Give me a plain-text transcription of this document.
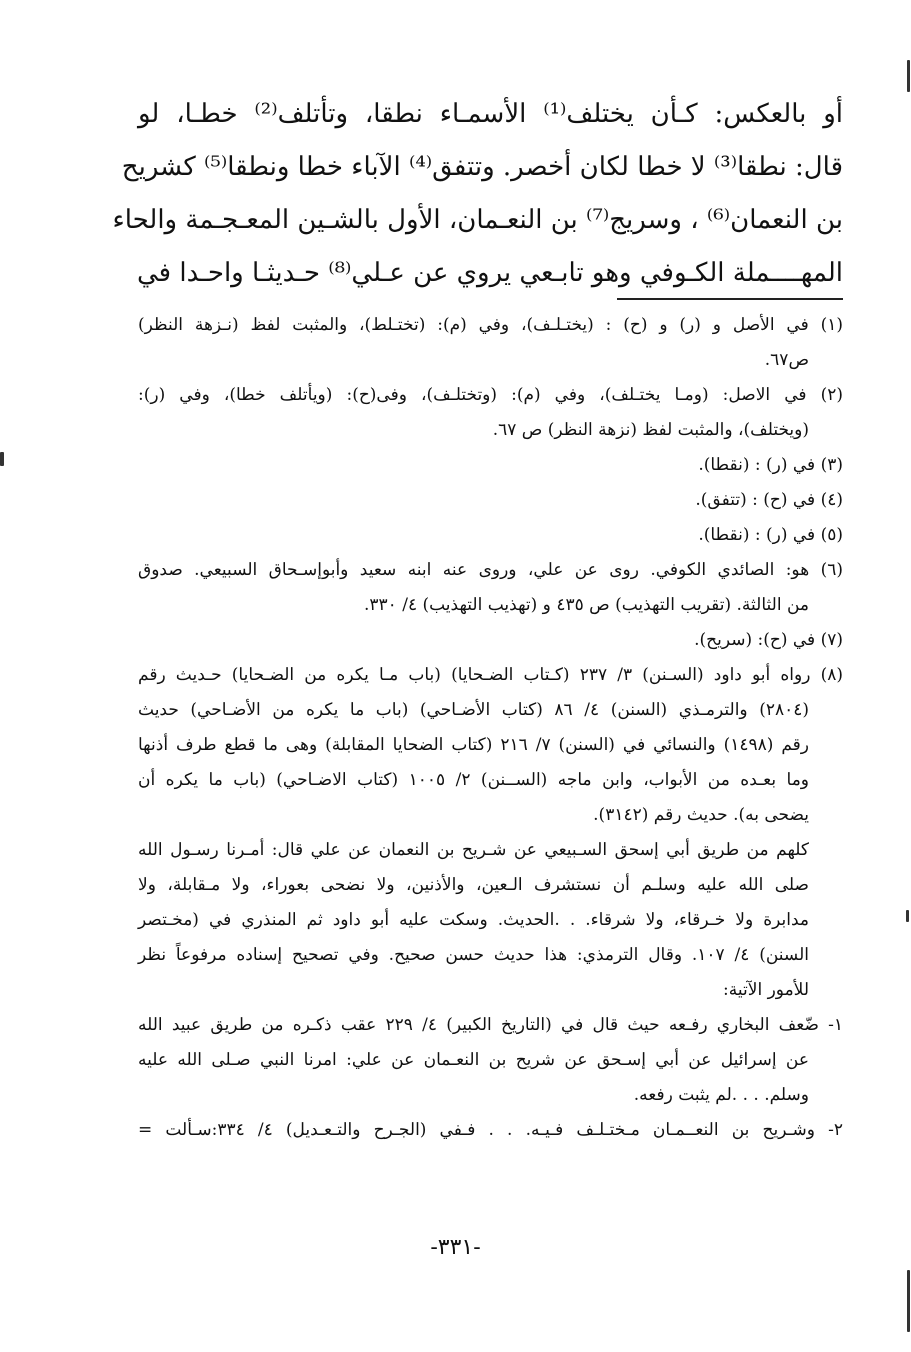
أو بالعكس: كـأن يختلف⁽¹⁾ الأسمـاء نطقا، وتأتلف⁽²⁾ خطـا، لو
قال: نطقا⁽³⁾ لا خطا لكان أخصر. وتتفق⁽⁴⁾ الآباء خطا ونطقا⁽⁵⁾ كشريح
بن النعمان⁽⁶⁾ ، وسريج⁽⁷⁾ بن النعـمان، الأول بالشـين المعـجـمة والحاء
المهــــملة الكـوفي وهو تابـعي يروي عن عـلي⁽⁸⁾ حـديثـا واحـدا في
(١) في الأصل و (ر) و (ح) : (يختـلـف)، وفي (م): (تختـلط)، والمثبت لفظ (نـزهة النظر)
ص٦٧.
(٢) في الاصل: (ومـا يختـلف)، وفي (م): (وتختلـف)، وفى(ح): (ويأتلف خطا)، وفي (ر):
(ويختلف)، والمثبت لفظ (نزهة النظر) ص ٦٧.
(٣) في (ر) : (نقطا).
(٤) في (ح) : (تتفق).
(٥) في (ر) : (نقطا).
(٦) هو: الصائدي الكوفي. روى عن علي، وروى عنه ابنه سعيد وأبوإسـحاق السبيعي. صدوق
من الثالثة. (تقريب التهذيب) ص ٤٣٥ و (تهذيب التهذيب) ٤/ ٣٣٠.
(٧) في (ح): (سريح).
(٨) رواه أبو داود (السـنن) ٣/ ٢٣٧ (كـتاب الضـحايا) (باب مـا يكره من الضـحايا) حـديث رقم
(٢٨٠٤) والترمـذي (السنن) ٤/ ٨٦ (كتاب الأضـاحي) (باب ما يكره من الأضـاحي) حديث
رقم (١٤٩٨) والنسائي في (السنن) ٧/ ٢١٦ (كتاب الضحايا المقابلة) وهى ما قطع طرف أذنها
وما بعـده من الأبواب، وابن ماجه (الســنن) ٢/ ١٠٠٥ (كتاب الاضـاحي) (باب ما يكره أن
يضحى به). حديث رقم (٣١٤٢).
كلهم من طريق أبي إسحق السـبيعي عن شـريح بن النعمان عن علي قال: أمـرنا رسـول الله
صلى الله عليه وسلـم أن نستشرف الـعين، والأذنين، ولا نضحى بعوراء، ولا مـقابلة، ولا
مدابرة ولا خـرقاء، ولا شرقاء. . .الحديث. وسكت عليه أبو داود ثم المنذري في (مخـتصر
السنن) ٤/ ١٠٧. وقال الترمذي: هذا حديث حسن صحيح. وفي تصحيح إسناده مرفوعاً نظر
للأمور الآتية:
١- ضّعف البخاري رفـعه حيث قال في (التاريخ الكبير) ٤/ ٢٢٩ عقب ذكـره من طريق عبيد الله
عن إسرائيل عن أبي إسـحق عن شريح بن النعـمان عن علي: امرنا النبي صـلى الله عليه
وسلم. . . .لم يثبت رفعه.
٢- وشـريح بن النعــمـان مـختـلـف فـيـه. . . فـفي (الجـرح والتـعـديل) ٤/ ٣٣٤:سـألت =
-٣٣١-
